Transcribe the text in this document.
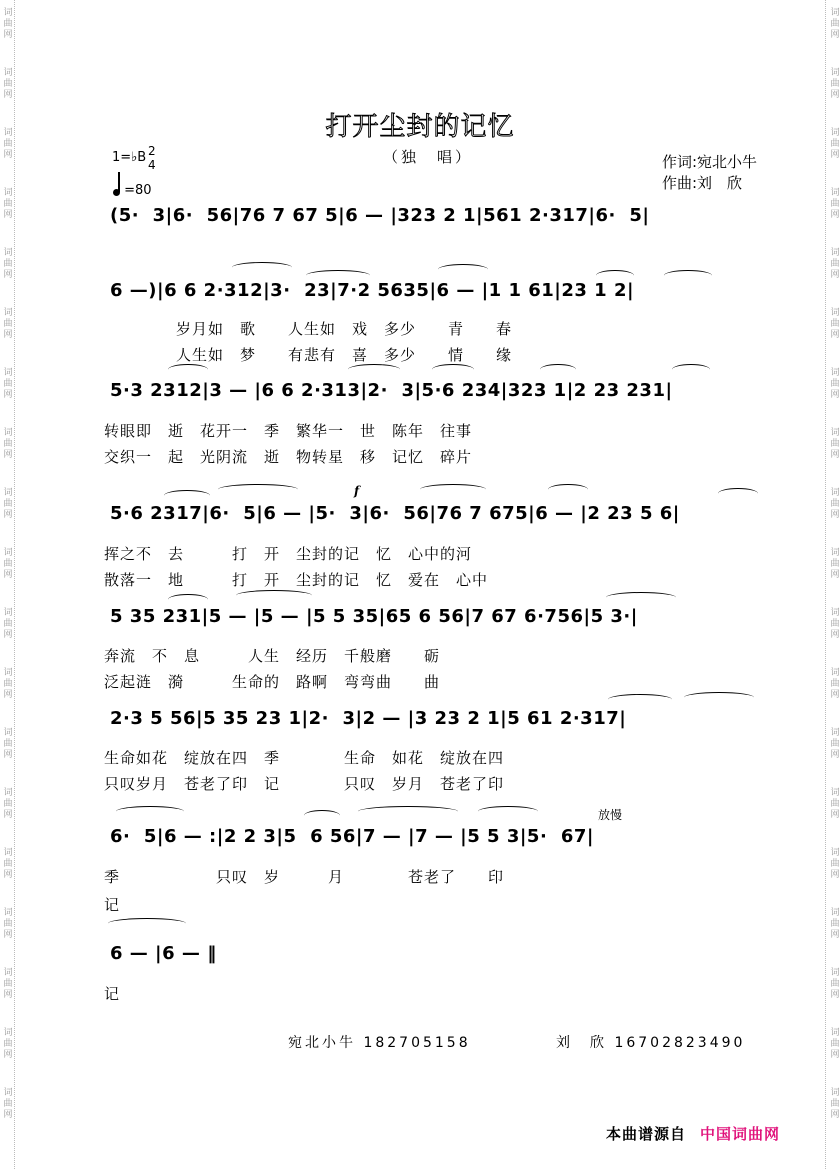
词
曲
网
词
曲
网
词
曲
网
词
曲
网
词
曲
网
词
曲
网
词
曲
网
词
曲
网
词
曲
网
词
曲
网
词
曲
网
词
曲
网
词
曲
网
词
曲
网
词
曲
网
词
曲
网
词
曲
网
词
曲
网
词
曲
网
词
曲
网
词
曲
网
词
曲
网
词
曲
网
词
曲
网
词
曲
网
词
曲
网
词
曲
网
词
曲
网
词
曲
网
词
曲
网
词
曲
网
词
曲
网
词
曲
网
词
曲
网
词
曲
网
词
曲
网
词
曲
网
词
曲
网
打开尘封的记忆
（独　唱）	作词:宛北小牛
作曲:刘　欣
1=♭B 2
4
=80
(5·  3|6·  56|76 7 67 5|6 — |323 2 1|561 2·317|6·  5|
6 —)|6 6 2·312|3·  23|7·2 5635|6 — |1 1 61|23 1 2|
岁月如　歌　　人生如　戏　多少　　青　　春
人生如　梦　　有悲有　喜　多少　　情　　缘
5·3 2312|3 — |6 6 2·313|2·  3|5·6 234|323 1|2 23 231|
转眼即　逝　花开一　季　繁华一　世　陈年　往事
交织一　起　光阴流　逝　物转星　移　记忆　碎片
5·6 2317|6·  5|6 — |5·  3|6·  56|76 7 675|6 — |2 23 5 6|
挥之不　去　　　打　开　尘封的记　忆　心中的河
散落一　地　　　打　开　尘封的记　忆　爱在　心中
5 35 231|5 — |5 — |5 5 35|65 6 56|7 67 6·756|5 3·|
奔流　不　息　　　人生　经历　千般磨　　砺
泛起涟　漪　　　生命的　路啊　弯弯曲　　曲
2·3 5 56|5 35 23 1|2·  3|2 — |3 23 2 1|5 61 2·317|
生命如花　绽放在四　季　　　　生命　如花　绽放在四
只叹岁月　苍老了印　记　　　　只叹　岁月　苍老了印
6·  5|6 — :|2 2 3|5  6 56|7 — |7 — |5 5 3|5·  67|
季　　　　　　只叹　岁　　　月　　　　苍老了　　印
记
6 — |6 — ‖
记
f
放慢
宛北小牛 182705158	刘　欣 16702823490
本曲谱源自 中国词曲网
